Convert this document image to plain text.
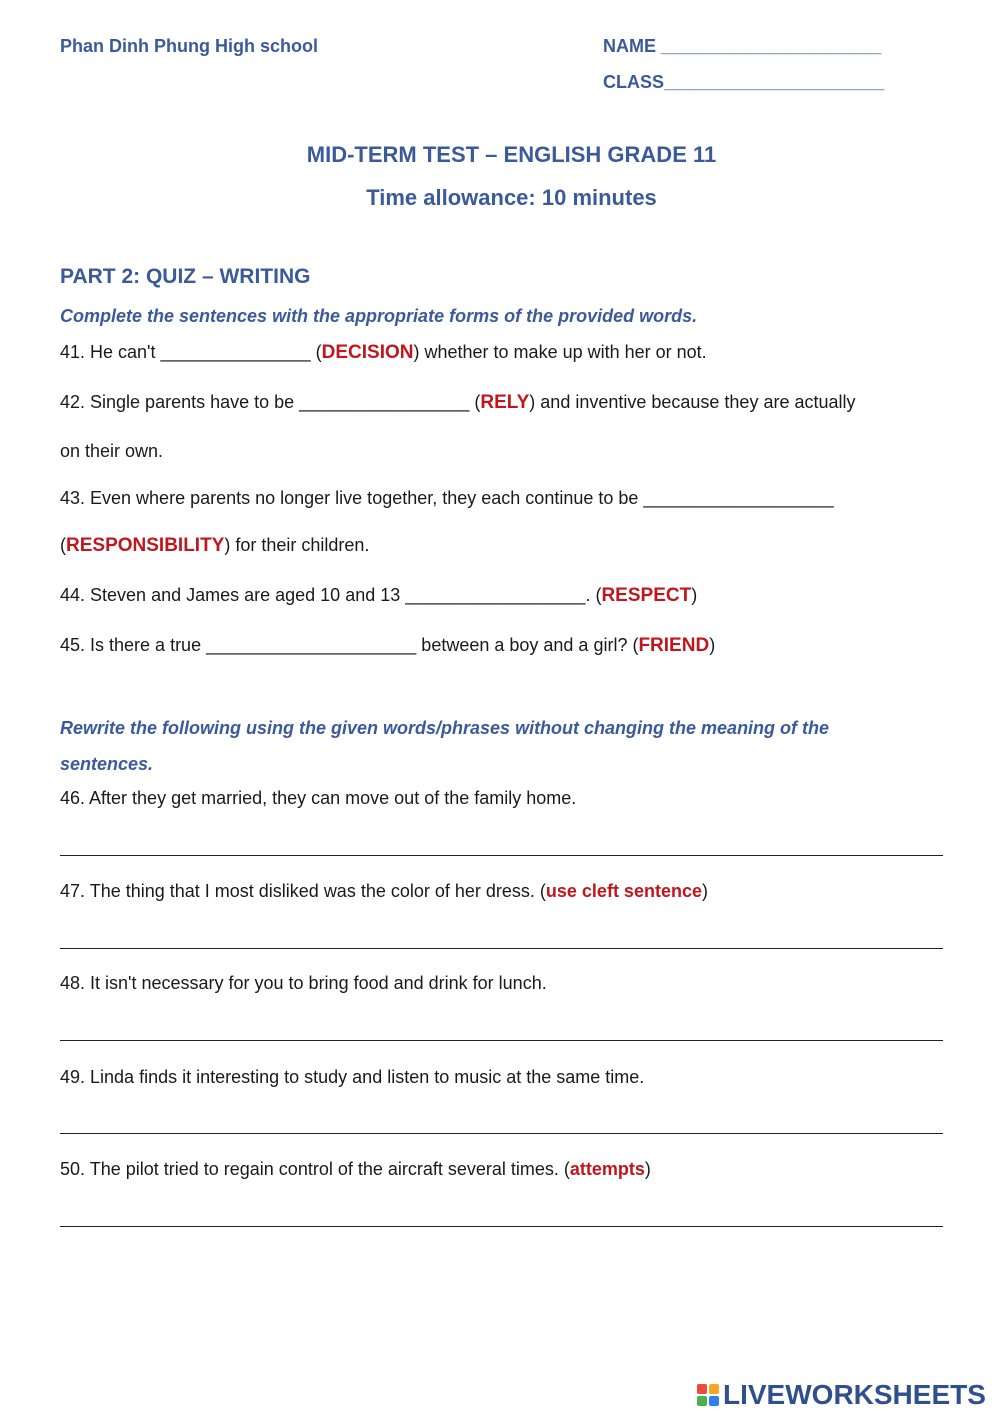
Phan Dinh Phung High school	NAME ______________________
CLASS______________________
MID-TERM TEST – ENGLISH GRADE 11
Time allowance: 10 minutes
PART 2: QUIZ – WRITING
Complete the sentences with the appropriate forms of the provided words.
41. He can't _______________ (DECISION) whether to make up with her or not.
42. Single parents have to be _________________ (RELY) and inventive because they are actually
on their own.
43. Even where parents no longer live together, they each continue to be ___________________
(RESPONSIBILITY) for their children.
44. Steven and James are aged 10 and 13 __________________. (RESPECT)
45. Is there a true _____________________ between a boy and a girl? (FRIEND)
Rewrite the following using the given words/phrases without changing the meaning of the
sentences.
46. After they get married, they can move out of the family home.
47. The thing that I most disliked was the color of her dress. (use cleft sentence)
48. It isn't necessary for you to bring food and drink for lunch.
49. Linda finds it interesting to study and listen to music at the same time.
50. The pilot tried to regain control of the aircraft several times. (attempts)
LIVEWORKSHEETS
